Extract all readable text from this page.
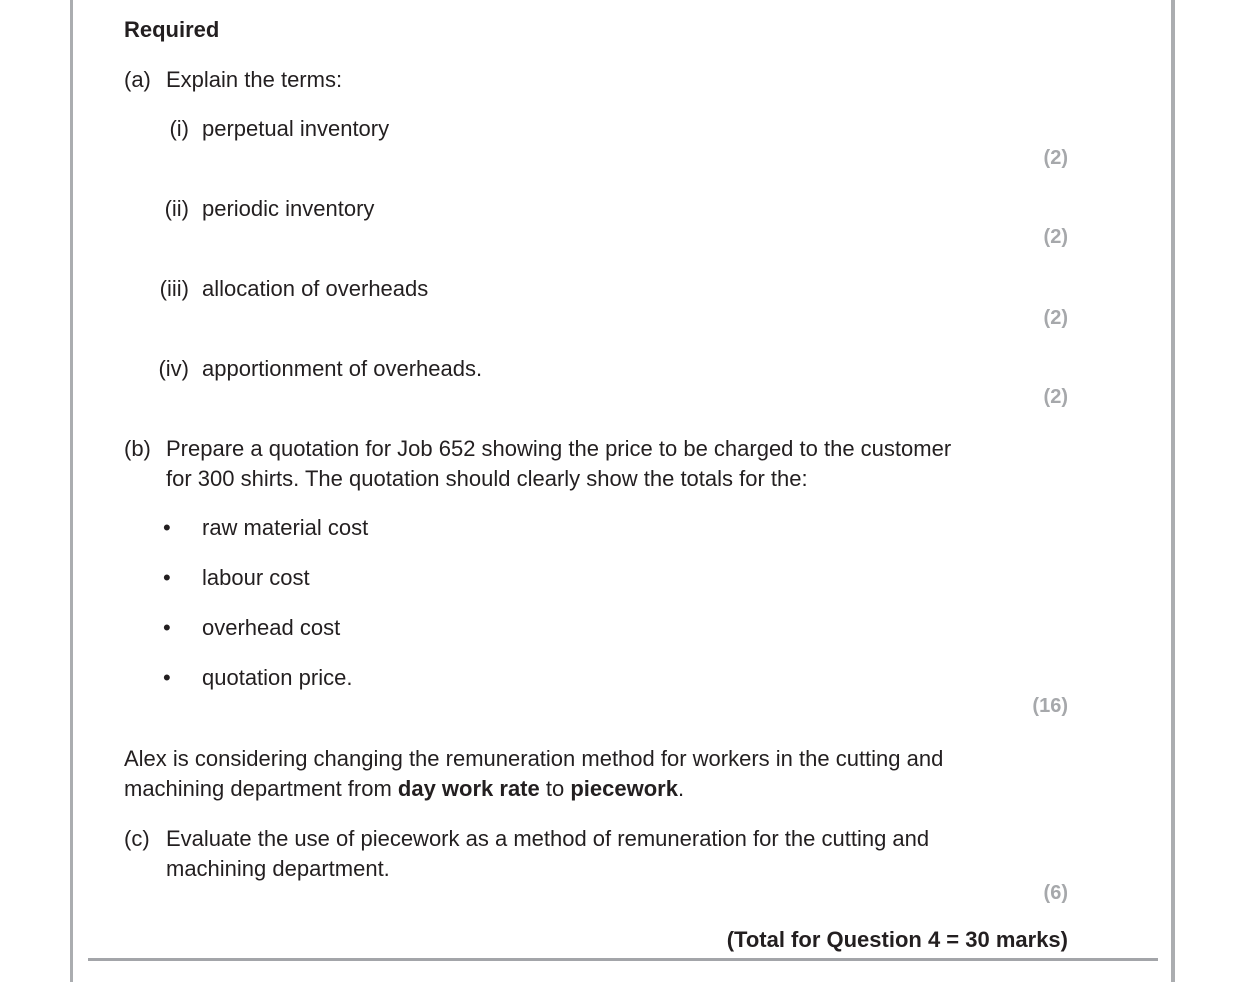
Required
(a) Explain the terms:
(i) perpetual inventory
(2)
(ii) periodic inventory
(2)
(iii) allocation of overheads
(2)
(iv) apportionment of overheads.
(2)
(b) Prepare a quotation for Job 652 showing the price to be charged to the customer
for 300 shirts. The quotation should clearly show the totals for the:
•	raw material cost
•	labour cost
•	overhead cost
•	quotation price.
(16)
Alex is considering changing the remuneration method for workers in the cutting and
machining department from day work rate to piecework.
(c) Evaluate the use of piecework as a method of remuneration for the cutting and
machining department.
(6)
(Total for Question 4 = 30 marks)
